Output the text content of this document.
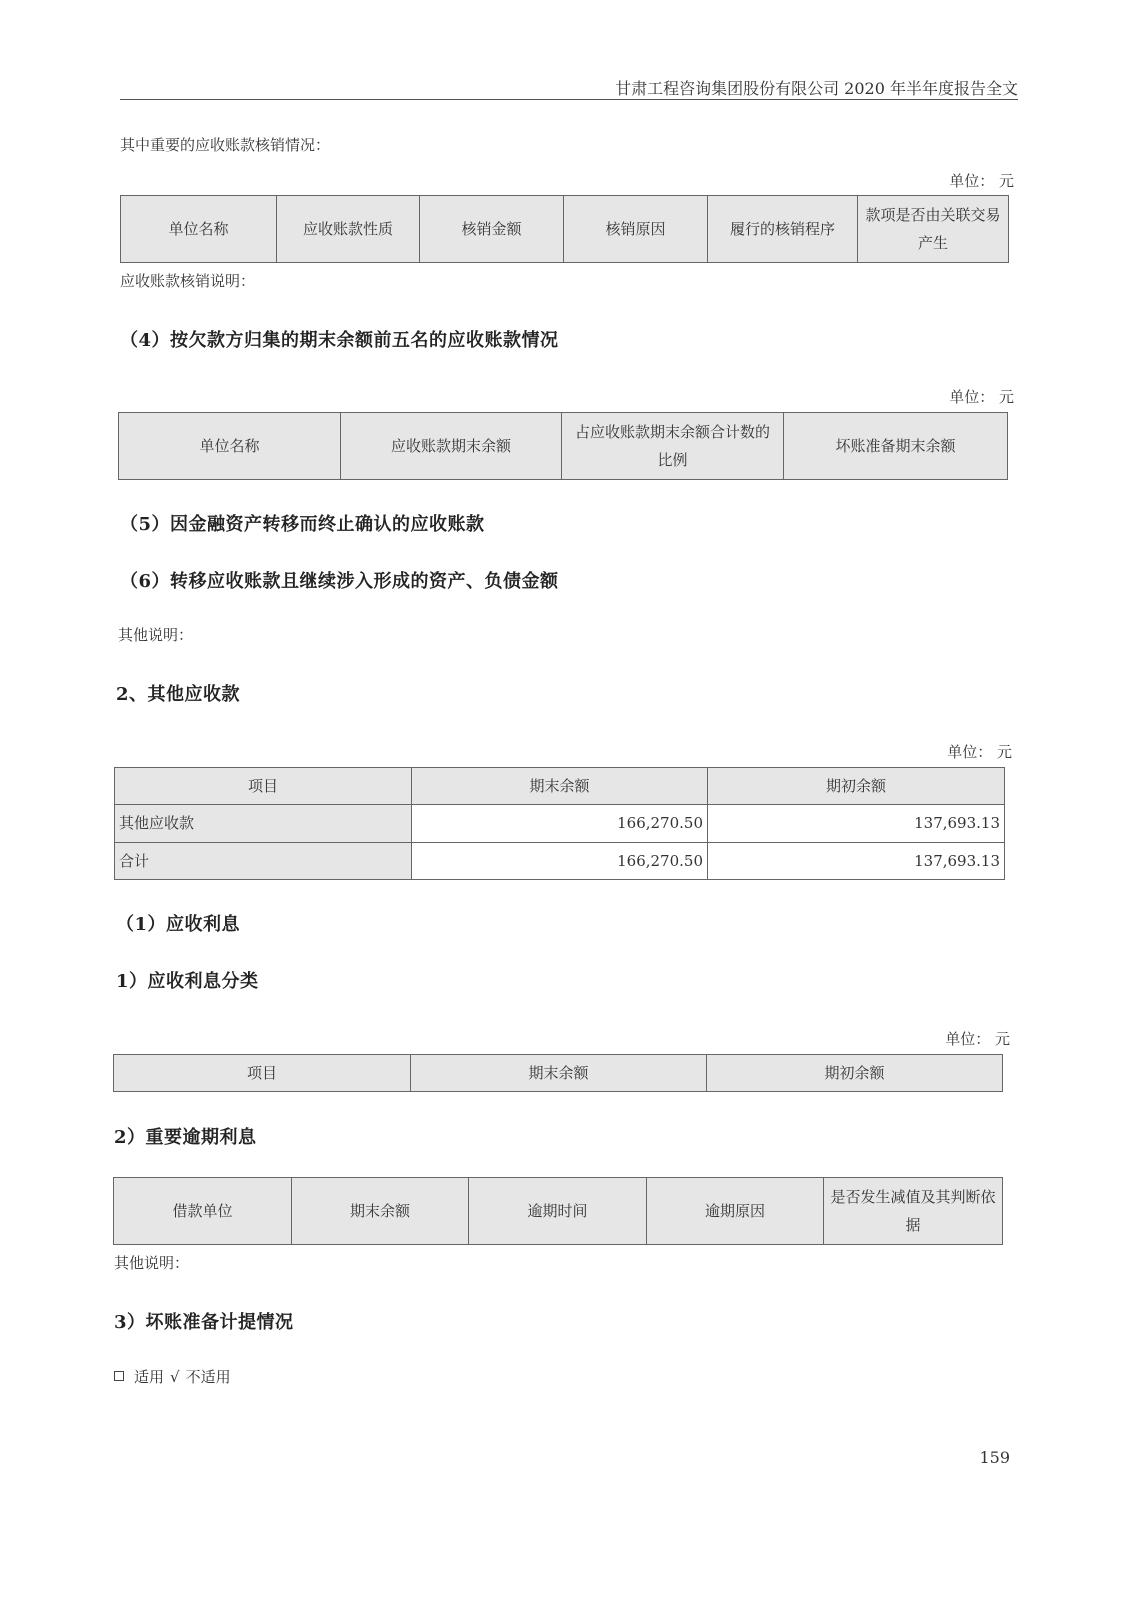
甘肃工程咨询集团股份有限公司 2020 年半年度报告全文
其中重要的应收账款核销情况：
单位： 元
单位名称	应收账款性质	核销金额	核销原因	履行的核销程序	款项是否由关联交易产生
应收账款核销说明：
（4）按欠款方归集的期末余额前五名的应收账款情况
单位： 元
单位名称	应收账款期末余额	占应收账款期末余额合计数的比例	坏账准备期末余额
（5）因金融资产转移而终止确认的应收账款
（6）转移应收账款且继续涉入形成的资产、负债金额
其他说明：
2、其他应收款
单位： 元
项目	期末余额	期初余额
其他应收款	166,270.50	137,693.13
合计	166,270.50	137,693.13
（1）应收利息
1）应收利息分类
单位： 元
项目	期末余额	期初余额
2）重要逾期利息
借款单位	期末余额	逾期时间	逾期原因	是否发生减值及其判断依据
其他说明：
3）坏账准备计提情况
适用 √ 不适用
159
